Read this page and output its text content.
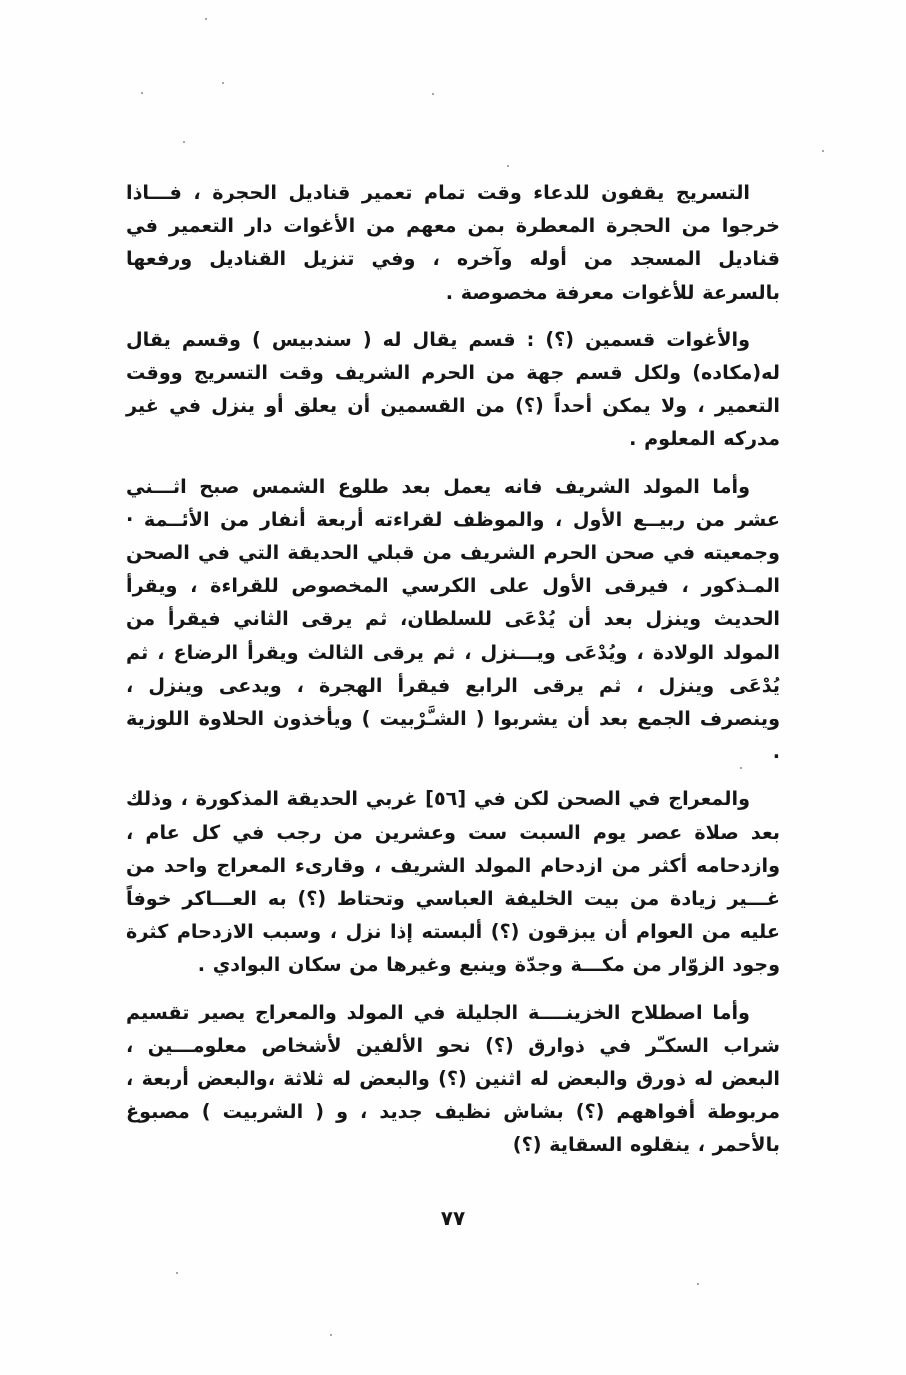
التسريج يقفون للدعاء وقت تمام تعمير قناديل الحجرة ، فـــاذا خرجوا من الحجرة المعطرة بمن معهم من الأغوات دار التعمير في قناديل المسجد من أوله وآخره ، وفي تنزيل القناديل ورفعها بالسرعة للأغوات معرفة مخصوصة .

والأغوات قسمين (؟) : قسم يقال له ( سندبيس ) وقسم يقال له(مكاده) ولكل قسم جهة من الحرم الشريف وقت التسريج ووقت التعمير ، ولا يمكن أحداً (؟) من القسمين أن يعلق أو ينزل في غير مدركه المعلوم .

وأما المولد الشريف فانه يعمل بعد طلوع الشمس صبح اثـــني عشر من ربيــع الأول ، والموظف لقراءته أربعة أنفار من الأئــمة · وجمعيته في صحن الحرم الشريف من قبلي الحديقة التي في الصحن المـذكور ، فيرقى الأول على الكرسي المخصوص للقراءة ، ويقرأ الحديث وينزل بعد أن يُدْعَى للسلطان، ثم يرقى الثاني فيقرأ من المولد الولادة ، ويُدْعَى ويـــنزل ، ثم يرقى الثالث ويقرأ الرضاع ، ثم يُدْعَى وينزل ، ثم يرقى الرابع فيقرأ الهجرة ، ويدعى وينزل ، وينصرف الجمع بعد أن يشربوا ( الشـَّرْبيت ) ويأخذون الحلاوة اللوزية .

والمعراج في الصحن لكن في [٥٦] غربي الحديقة المذكورة ، وذلك بعد صلاة عصر يوم السبت ست وعشرين من رجب في كل عام ، وازدحامه أكثر من ازدحام المولد الشريف ، وقارىء المعراج واحد من غـــير زيادة من بيت الخليفة العباسي وتحتاط (؟) به العـــاكر خوفاً عليه من العوام أن يبزقون (؟) ألبسته إذا نزل ، وسبب الازدحام كثرة وجود الزوّار من مكـــة وجدّة وينبع وغيرها من سكان البوادي .

وأما اصطلاح الخزينــــة الجليلة في المولد والمعراج يصير تقسيم شراب السكـّر في ذوارق (؟) نحو الألفين لأشخاص معلومـــين ، البعض له ذورق والبعض له اثنين (؟) والبعض له ثلاثة ،والبعض أربعة ، مربوطة أفواههم (؟) بشاش نظيف جديد ، و ( الشربيت ) مصبوغ بالأحمر ، ينقلوه السقاية (؟)

٧٧
